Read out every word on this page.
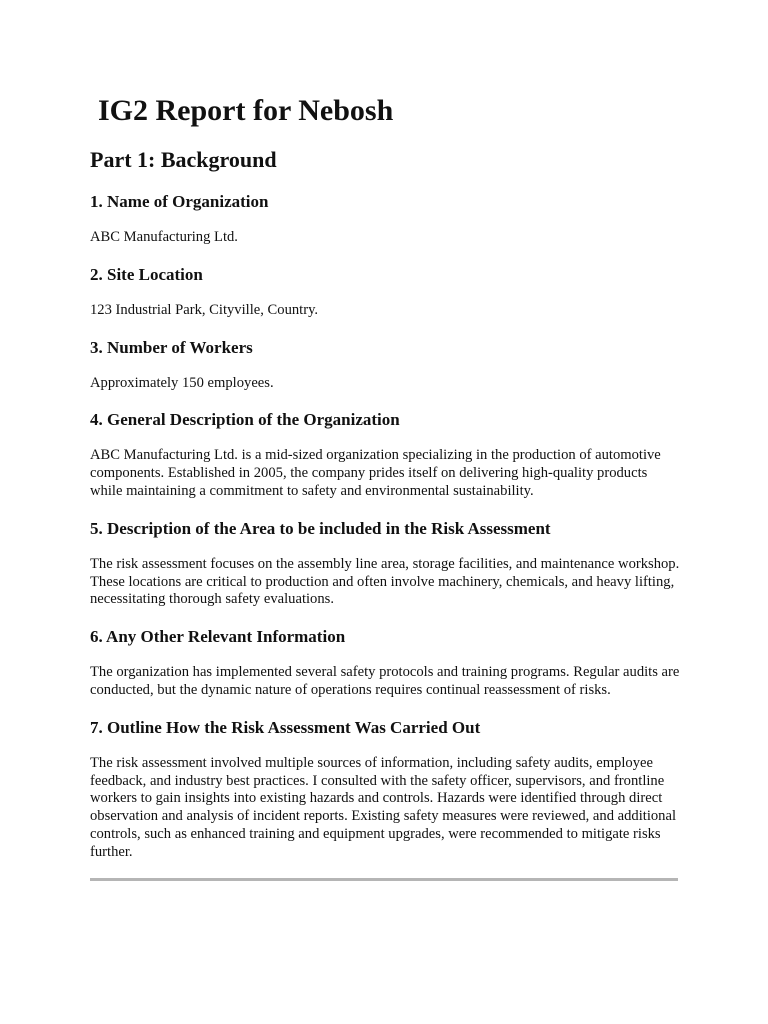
IG2 Report for Nebosh
Part 1: Background
1. Name of Organization

ABC Manufacturing Ltd.

2. Site Location

123 Industrial Park, Cityville, Country.

3. Number of Workers

Approximately 150 employees.

4. General Description of the Organization

ABC Manufacturing Ltd. is a mid-sized organization specializing in the production of automotive components. Established in 2005, the company prides itself on delivering high-quality products while maintaining a commitment to safety and environmental sustainability.

5. Description of the Area to be included in the Risk Assessment

The risk assessment focuses on the assembly line area, storage facilities, and maintenance workshop. These locations are critical to production and often involve machinery, chemicals, and heavy lifting, necessitating thorough safety evaluations.

6. Any Other Relevant Information

The organization has implemented several safety protocols and training programs. Regular audits are conducted, but the dynamic nature of operations requires continual reassessment of risks.

7. Outline How the Risk Assessment Was Carried Out

The risk assessment involved multiple sources of information, including safety audits, employee feedback, and industry best practices. I consulted with the safety officer, supervisors, and frontline workers to gain insights into existing hazards and controls. Hazards were identified through direct observation and analysis of incident reports. Existing safety measures were reviewed, and additional controls, such as enhanced training and equipment upgrades, were recommended to mitigate risks further.
